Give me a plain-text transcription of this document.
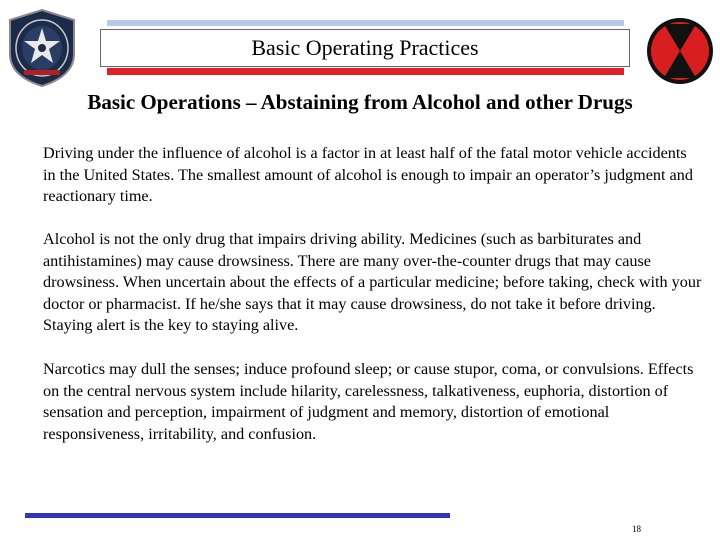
Basic Operating Practices
Basic Operations – Abstaining from Alcohol and other Drugs

Driving under the influence of alcohol is a factor in at least half of the fatal motor vehicle accidents in the United States. The smallest amount of alcohol is enough to impair an operator’s judgment and reactionary time.

Alcohol is not the only drug that impairs driving ability. Medicines (such as barbiturates and antihistamines) may cause drowsiness. There are many over-the-counter drugs that may cause drowsiness. When uncertain about the effects of a particular medicine; before taking, check with your doctor or pharmacist. If he/she says that it may cause drowsiness, do not take it before driving. Staying alert is the key to staying alive.

Narcotics may dull the senses; induce profound sleep; or cause stupor, coma, or convulsions. Effects on the central nervous system include hilarity, carelessness, talkativeness, euphoria, distortion of sensation and perception, impairment of judgment and memory, distortion of emotional responsiveness, irritability, and confusion.

18
